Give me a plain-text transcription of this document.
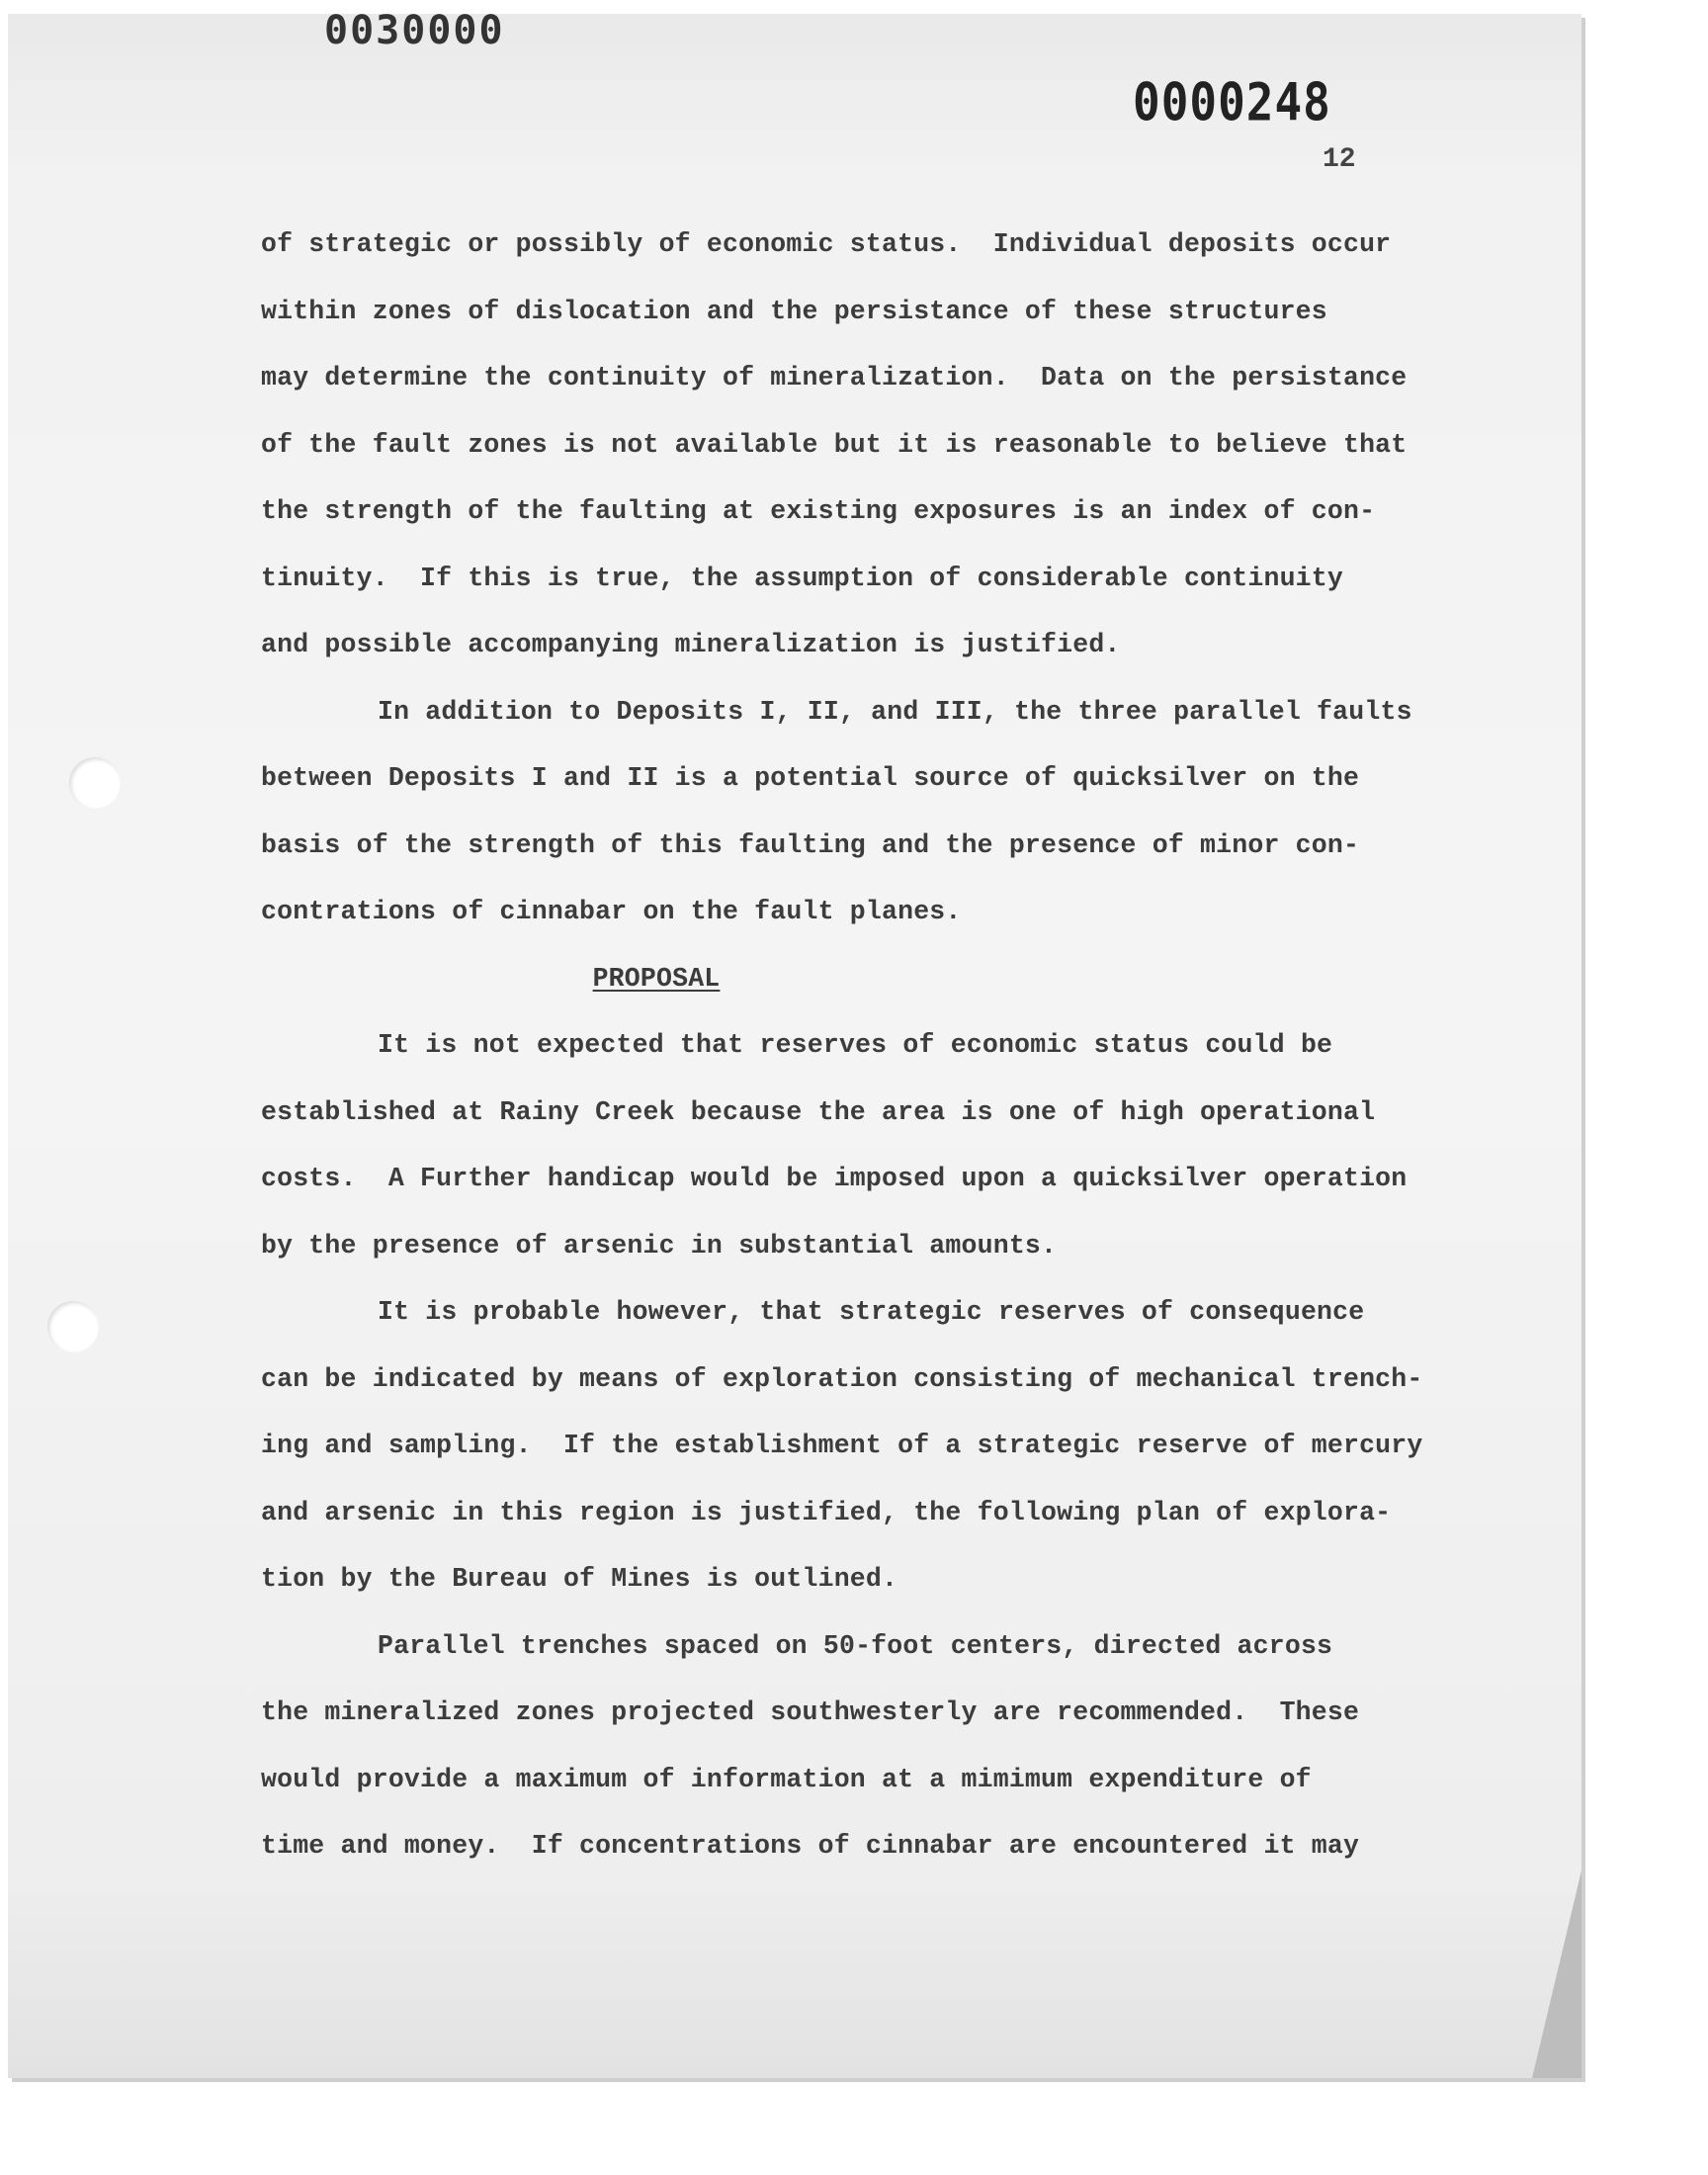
0030000
0000248
12
of strategic or possibly of economic status.  Individual deposits occur
within zones of dislocation and the persistance of these structures
may determine the continuity of mineralization.  Data on the persistance
of the fault zones is not available but it is reasonable to believe that
the strength of the faulting at existing exposures is an index of con-
tinuity.  If this is true, the assumption of considerable continuity
and possible accompanying mineralization is justified.
In addition to Deposits I, II, and III, the three parallel faults
between Deposits I and II is a potential source of quicksilver on the
basis of the strength of this faulting and the presence of minor con-
contrations of cinnabar on the fault planes.
PROPOSAL
It is not expected that reserves of economic status could be
established at Rainy Creek because the area is one of high operational
costs.  A Further handicap would be imposed upon a quicksilver operation
by the presence of arsenic in substantial amounts.
It is probable however, that strategic reserves of consequence
can be indicated by means of exploration consisting of mechanical trench-
ing and sampling.  If the establishment of a strategic reserve of mercury
and arsenic in this region is justified, the following plan of explora-
tion by the Bureau of Mines is outlined.
Parallel trenches spaced on 50-foot centers, directed across
the mineralized zones projected southwesterly are recommended.  These
would provide a maximum of information at a mimimum expenditure of
time and money.  If concentrations of cinnabar are encountered it may
